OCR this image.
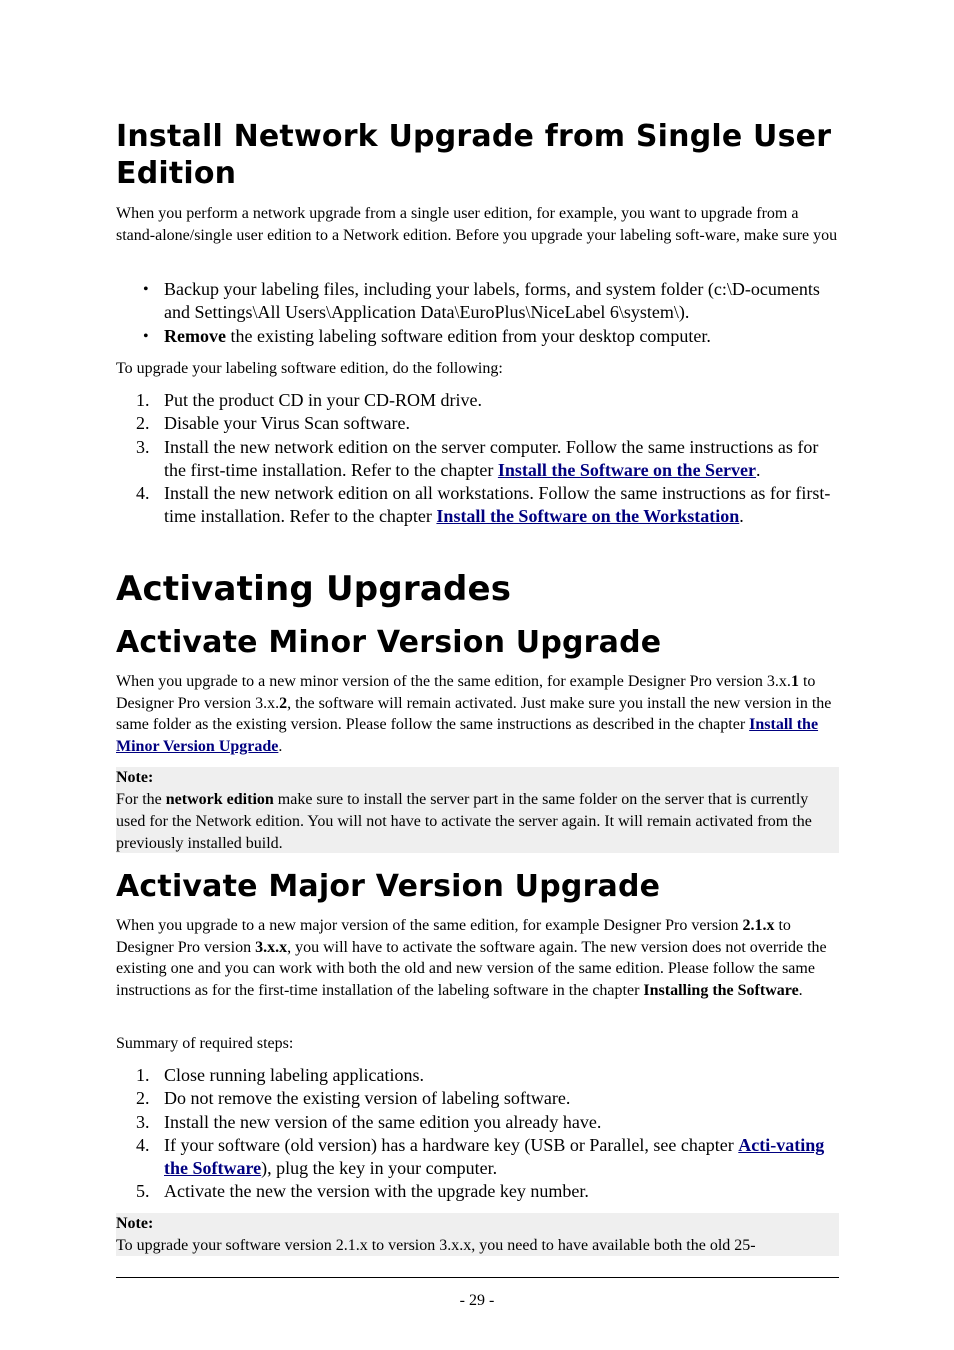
Install Network Upgrade from Single User Edition
When you perform a network upgrade from a single user edition, for example, you want to upgrade from a stand-alone/single user edition to a Network edition. Before you upgrade your labeling soft-ware, make sure you
• Backup your labeling files, including your labels, forms, and system folder (c:\D-ocuments and Settings\All Users\Application Data\EuroPlus\NiceLabel 6\system\).
• Remove the existing labeling software edition from your desktop computer.
To upgrade your labeling software edition, do the following:
1. Put the product CD in your CD-ROM drive.
2. Disable your Virus Scan software.
3. Install the new network edition on the server computer. Follow the same instructions as for the first-time installation. Refer to the chapter Install the Software on the Server.
4. Install the new network edition on all workstations. Follow the same instructions as for first-time installation. Refer to the chapter Install the Software on the Workstation.
Activating Upgrades
Activate Minor Version Upgrade
When you upgrade to a new minor version of the the same edition, for example Designer Pro version 3.x.1 to Designer Pro version 3.x.2, the software will remain activated. Just make sure you install the new version in the same folder as the existing version. Please follow the same instructions as described in the chapter Install the Minor Version Upgrade.
Note:
For the network edition make sure to install the server part in the same folder on the server that is currently used for the Network edition. You will not have to activate the server again. It will remain activated from the previously installed build.
Activate Major Version Upgrade
When you upgrade to a new major version of the same edition, for example Designer Pro version 2.1.x to Designer Pro version 3.x.x, you will have to activate the software again. The new version does not override the existing one and you can work with both the old and new version of the same edition. Please follow the same instructions as for the first-time installation of the labeling software in the chapter Installing the Software.
Summary of required steps:
1. Close running labeling applications.
2. Do not remove the existing version of labeling software.
3. Install the new version of the same edition you already have.
4. If your software (old version) has a hardware key (USB or Parallel, see chapter Acti-vating the Software), plug the key in your computer.
5. Activate the new the version with the upgrade key number.
Note:
To upgrade your software version 2.1.x to version 3.x.x, you need to have available both the old 25-
- 29 -
